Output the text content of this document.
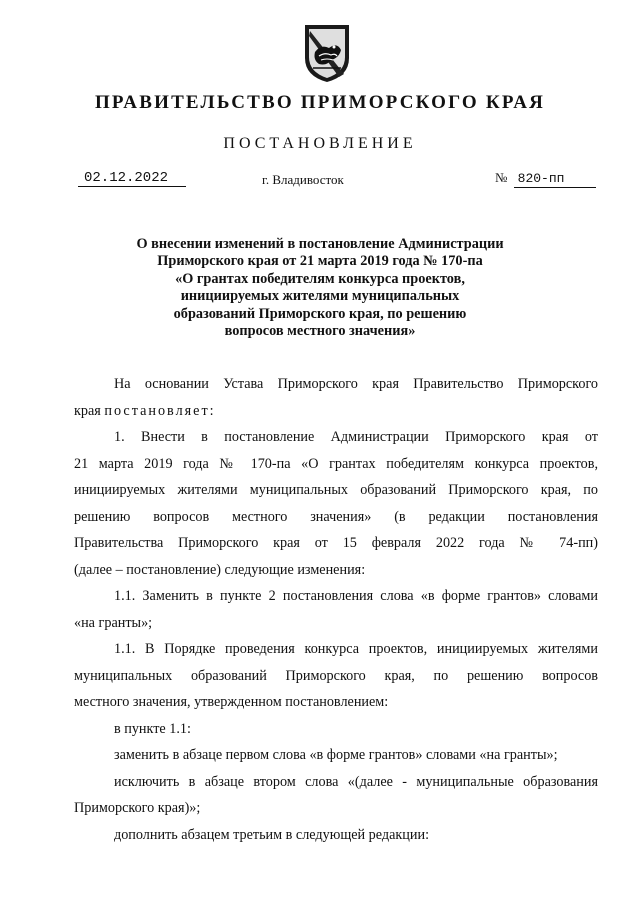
ПРАВИТЕЛЬСТВО ПРИМОРСКОГО КРАЯ
ПОСТАНОВЛЕНИЕ
02.12.2022	г. Владивосток	№ 820-пп
О внесении изменений в постановление Администрации
Приморского края от 21 марта 2019 года № 170-па
«О грантах победителям конкурса проектов,
инициируемых жителями муниципальных
образований Приморского края, по решению
вопросов местного значения»
На основании Устава Приморского края Правительство Приморского
края постановляет:
1. Внести в постановление Администрации Приморского края от
21 марта 2019 года № 170-па «О грантах победителям конкурса проектов,
инициируемых жителями муниципальных образований Приморского края, по
решению вопросов местного значения» (в редакции постановления
Правительства Приморского края от 15 февраля 2022 года № 74-пп)
(далее – постановление) следующие изменения:
1.1. Заменить в пункте 2 постановления слова «в форме грантов» словами
«на гранты»;
1.1. В Порядке проведения конкурса проектов, инициируемых жителями
муниципальных образований Приморского края, по решению вопросов
местного значения, утвержденном постановлением:
в пункте 1.1:
заменить в абзаце первом слова «в форме грантов» словами «на гранты»;
исключить в абзаце втором слова «(далее - муниципальные образования
Приморского края)»;
дополнить абзацем третьим в следующей редакции:
